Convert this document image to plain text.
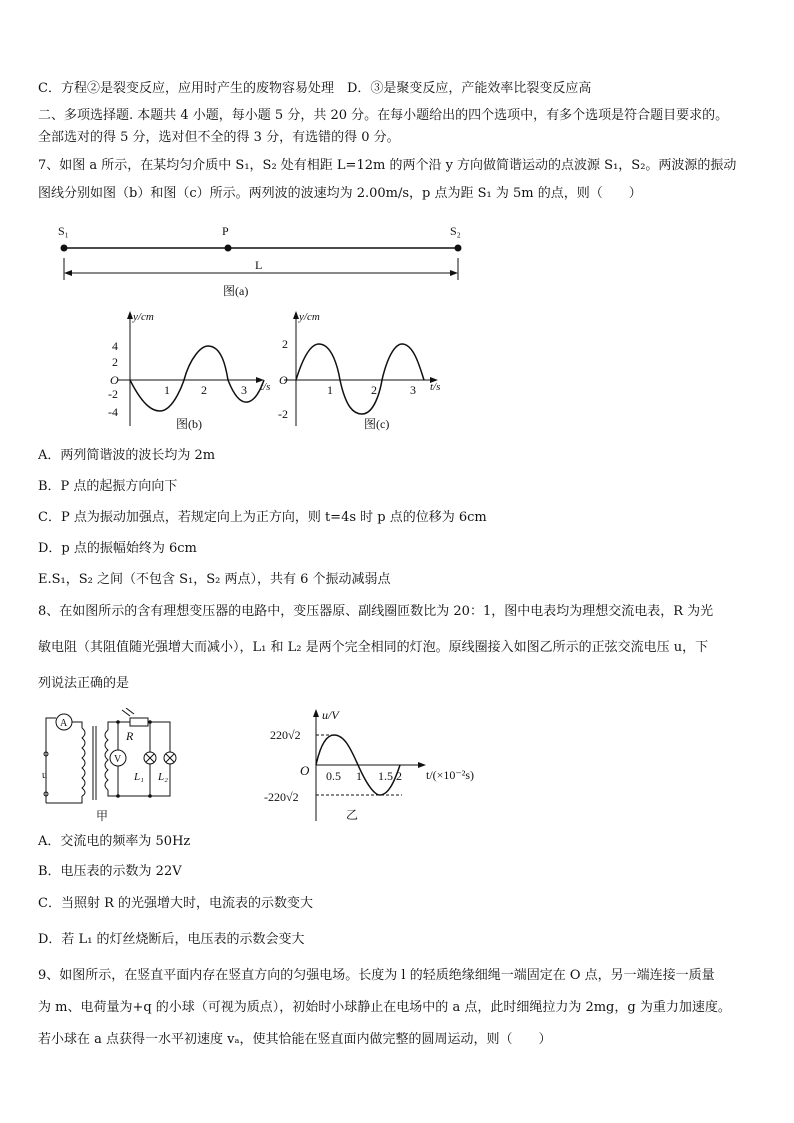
C．方程②是裂变反应，应用时产生的废物容易处理　D．③是聚变反应，产能效率比裂变反应高
二、多项选择题. 本题共 4 小题，每小题 5 分，共 20 分。在每小题给出的四个选项中，有多个选项是符合题目要求的。
全部选对的得 5 分，选对但不全的得 3 分，有选错的得 0 分。
7、如图 a 所示，在某均匀介质中 S₁，S₂ 处有相距 L=12m 的两个沿 y 方向做简谐运动的点波源 S₁，S₂。两波源的振动
图线分别如图（b）和图（c）所示。两列波的波速均为 2.00m/s，p 点为距 S₁ 为 5m 的点，则（　　）
S₁	P	S₂
L
图(a)
y/cm
t/s
O
4
2
-2
-4
1	2	3
图(b)
y/cm
t/s
O
2
-2
1	2	3
图(c)
A．两列简谐波的波长均为 2m
B．P 点的起振方向向下
C．P 点为振动加强点，若规定向上为正方向，则 t=4s 时 p 点的位移为 6cm
D．p 点的振幅始终为 6cm
E.S₁，S₂ 之间（不包含 S₁，S₂ 两点），共有 6 个振动减弱点
8、在如图所示的含有理想变压器的电路中，变压器原、副线圈匝数比为 20：1，图中电表均为理想交流电表，R 为光
敏电阻（其阻值随光强增大而减小），L₁ 和 L₂ 是两个完全相同的灯泡。原线圈接入如图乙所示的正弦交流电压 u，下
列说法正确的是
u
A
V
R
L₁ L₂
甲
u/V
220√2
-220√2
O 0.5 1 1.5 2 t/(×10⁻²s)
乙
A．交流电的频率为 50Hz
B．电压表的示数为 22V
C．当照射 R 的光强增大时，电流表的示数变大
D．若 L₁ 的灯丝烧断后，电压表的示数会变大
9、如图所示，在竖直平面内存在竖直方向的匀强电场。长度为 l 的轻质绝缘细绳一端固定在 O 点，另一端连接一质量
为 m、电荷量为+q 的小球（可视为质点），初始时小球静止在电场中的 a 点，此时细绳拉力为 2mg，g 为重力加速度。
若小球在 a 点获得一水平初速度 vₐ，使其恰能在竖直面内做完整的圆周运动，则（　　）
